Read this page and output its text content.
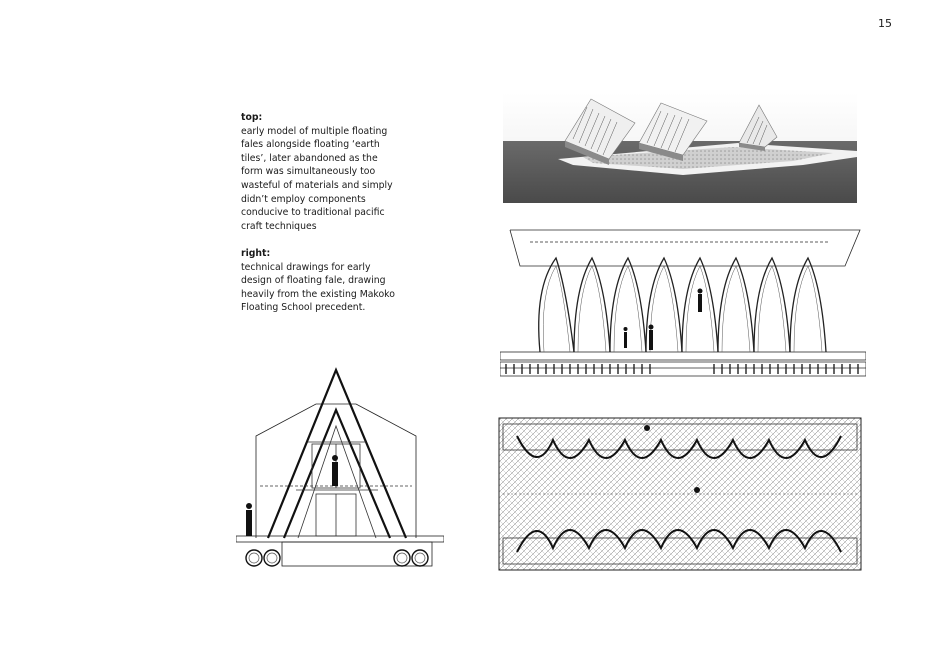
15
top:

early model of multiple floating
fales alongside floating ‘earth
tiles’, later abandoned as the
form was simultaneously too
wasteful of materials and simply
didn’t employ components
conducive to traditional pacific
craft techniques

right:

technical drawings for early
design of floating fale, drawing
heavily from the existing Makoko
Floating School precedent.
